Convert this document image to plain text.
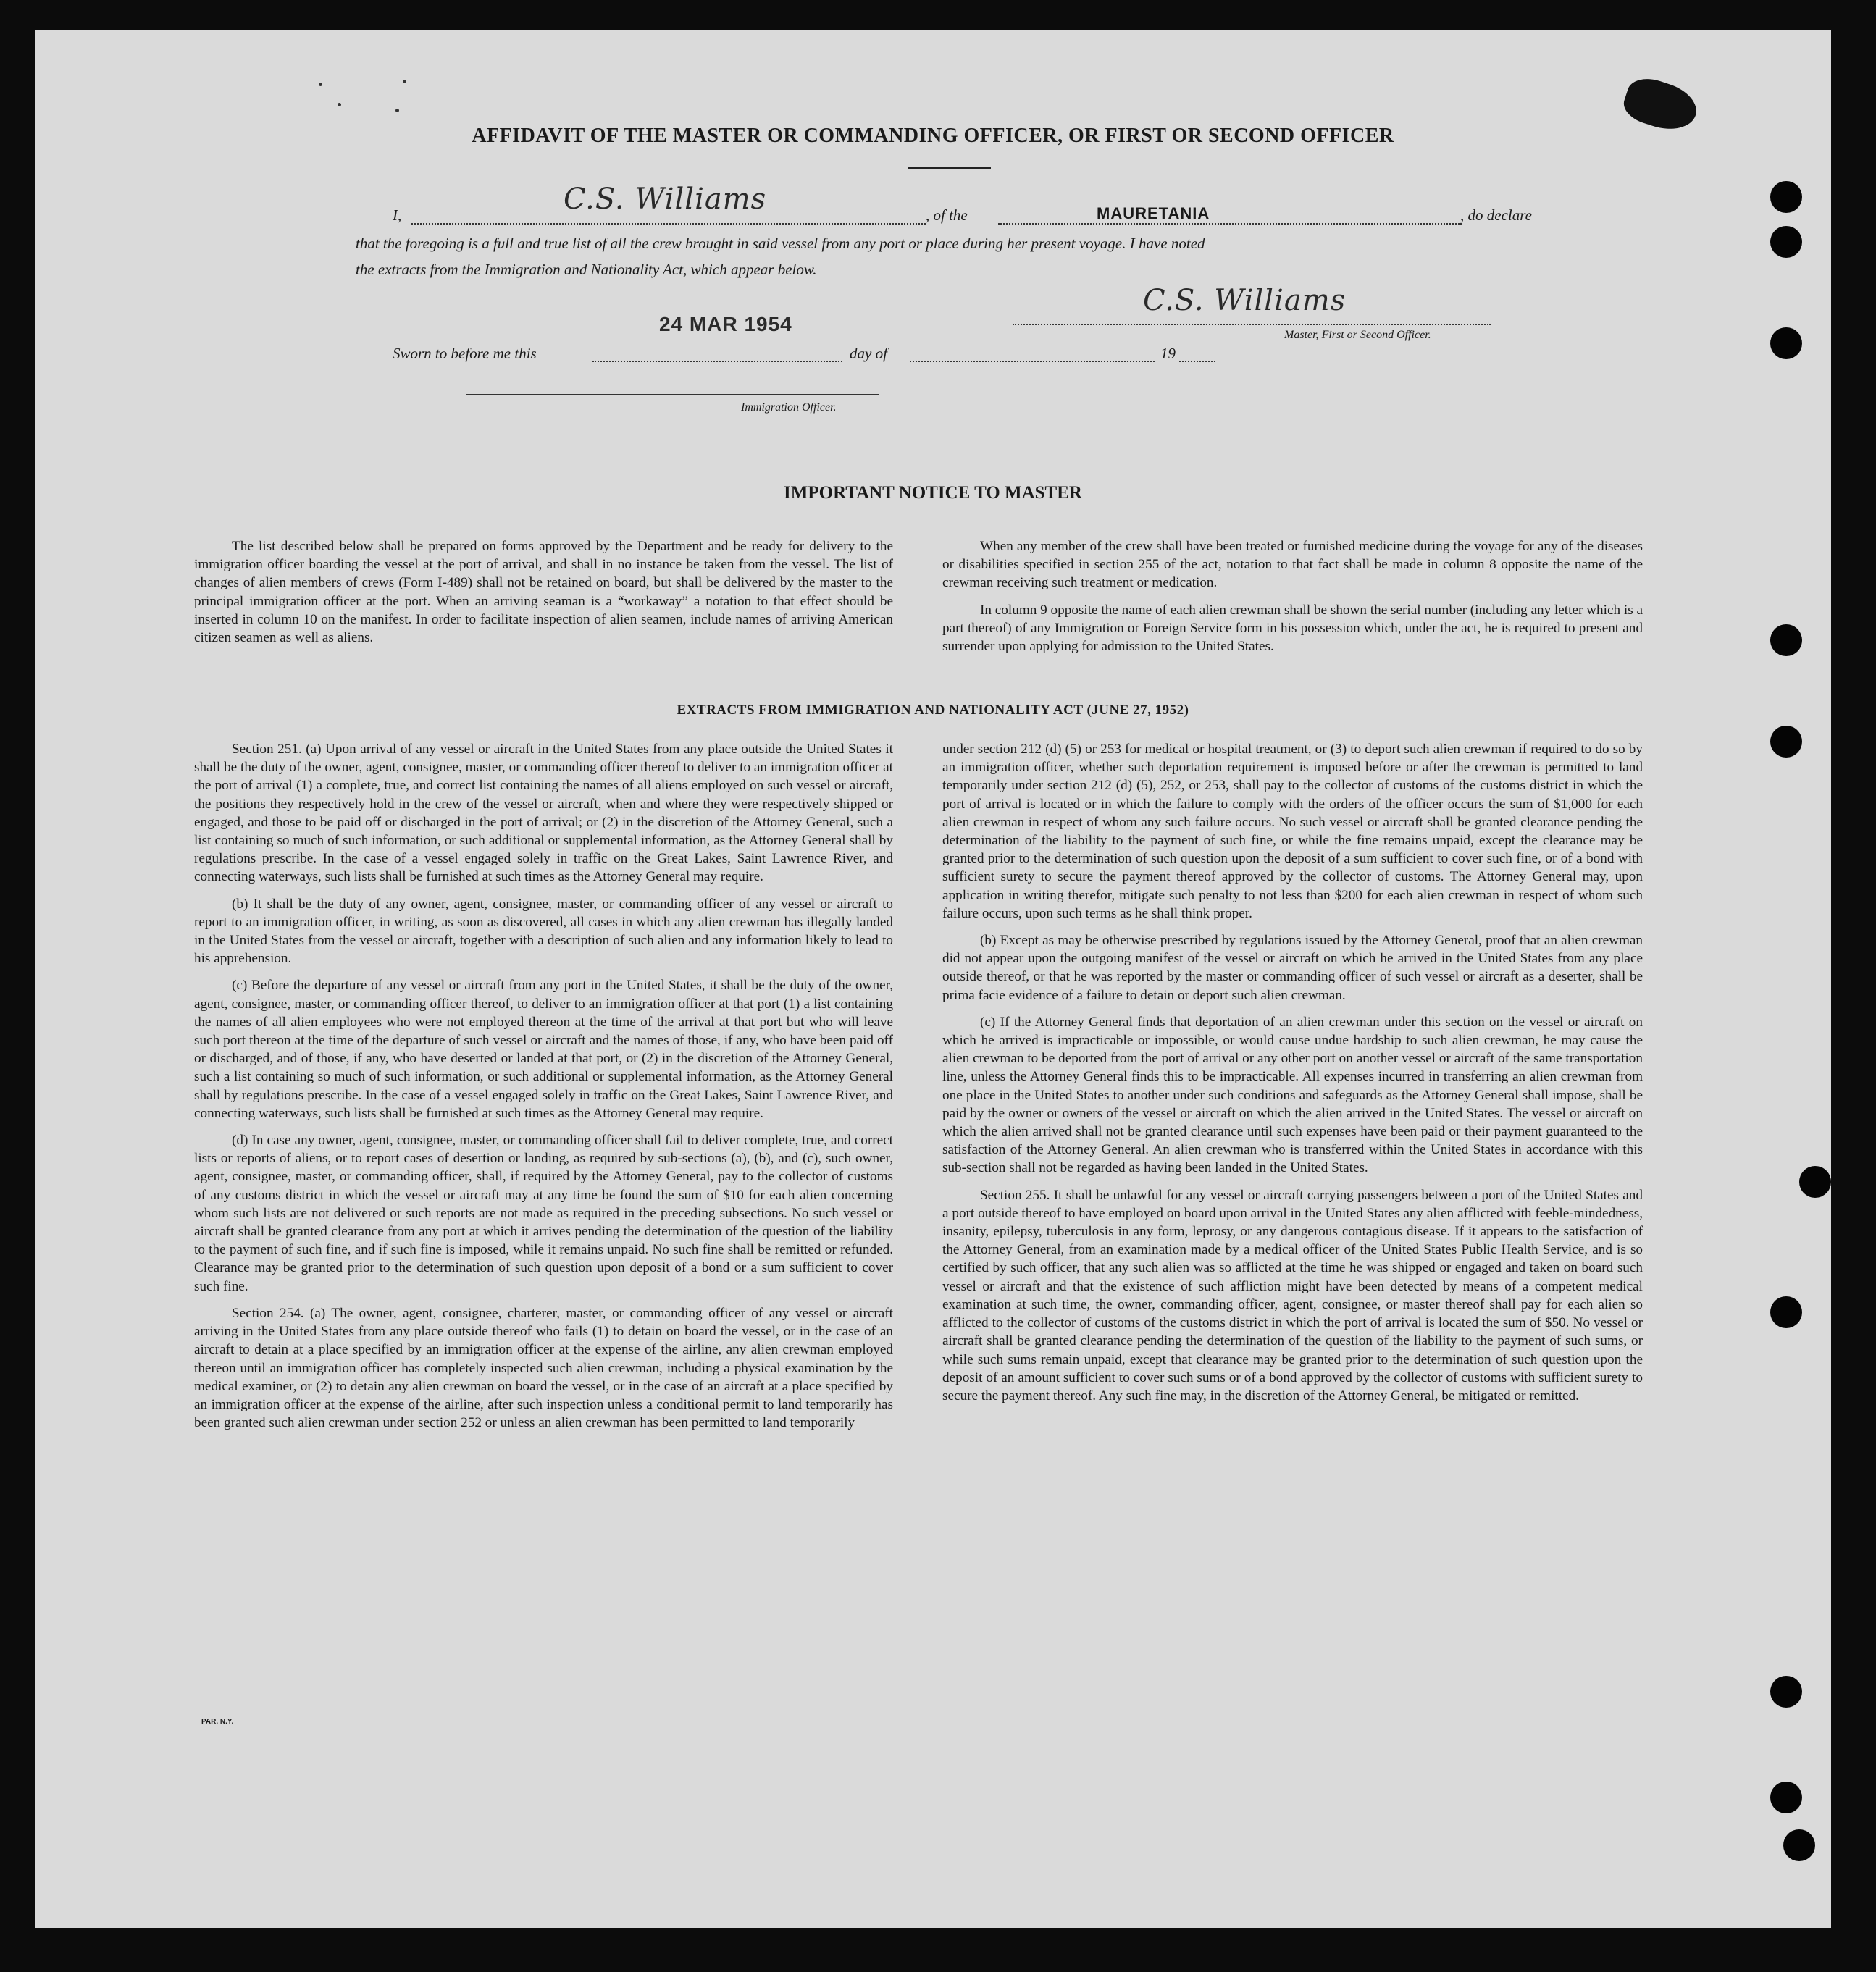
AFFIDAVIT OF THE MASTER OR COMMANDING OFFICER, OR FIRST OR SECOND OFFICER
I,	C.S. Williams	, of the	MAURETANIA	, do declare
that the foregoing is a full and true list of all the crew brought in said vessel from any port or place during her present voyage. I have noted
the extracts from the Immigration and Nationality Act, which appear below.
24 MAR 1954
C.S. Williams
Master, First or Second Officer.
Sworn to before me this	day of	19
Immigration Officer.
IMPORTANT NOTICE TO MASTER

The list described below shall be prepared on forms approved by the Department and be ready for delivery to the immigration officer boarding the vessel at the port of arrival, and shall in no instance be taken from the vessel. The list of changes of alien members of crews (Form I-489) shall not be retained on board, but shall be delivered by the master to the principal immigration officer at the port. When an arriving seaman is a “workaway” a notation to that effect should be inserted in column 10 on the manifest. In order to facilitate inspection of alien seamen, include names of arriving American citizen seamen as well as aliens.

When any member of the crew shall have been treated or furnished medicine during the voyage for any of the diseases or disabilities specified in section 255 of the act, notation to that fact shall be made in column 8 opposite the name of the crewman receiving such treatment or medication.

In column 9 opposite the name of each alien crewman shall be shown the serial number (including any letter which is a part thereof) of any Immigration or Foreign Service form in his possession which, under the act, he is required to present and surrender upon applying for admission to the United States.

EXTRACTS FROM IMMIGRATION AND NATIONALITY ACT (JUNE 27, 1952)

Section 251. (a) Upon arrival of any vessel or aircraft in the United States from any place outside the United States it shall be the duty of the owner, agent, consignee, master, or commanding officer thereof to deliver to an immigration officer at the port of arrival (1) a complete, true, and correct list containing the names of all aliens employed on such vessel or aircraft, the positions they respectively hold in the crew of the vessel or aircraft, when and where they were respectively shipped or engaged, and those to be paid off or discharged in the port of arrival; or (2) in the discretion of the Attorney General, such a list containing so much of such information, or such additional or supplemental information, as the Attorney General shall by regulations prescribe. In the case of a vessel engaged solely in traffic on the Great Lakes, Saint Lawrence River, and connecting waterways, such lists shall be furnished at such times as the Attorney General may require.

(b) It shall be the duty of any owner, agent, consignee, master, or commanding officer of any vessel or aircraft to report to an immigration officer, in writing, as soon as discovered, all cases in which any alien crewman has illegally landed in the United States from the vessel or aircraft, together with a description of such alien and any information likely to lead to his apprehension.

(c) Before the departure of any vessel or aircraft from any port in the United States, it shall be the duty of the owner, agent, consignee, master, or commanding officer thereof, to deliver to an immigration officer at that port (1) a list containing the names of all alien employees who were not employed thereon at the time of the arrival at that port but who will leave such port thereon at the time of the departure of such vessel or aircraft and the names of those, if any, who have been paid off or discharged, and of those, if any, who have deserted or landed at that port, or (2) in the discretion of the Attorney General, such a list containing so much of such information, or such additional or supplemental information, as the Attorney General shall by regulations prescribe. In the case of a vessel engaged solely in traffic on the Great Lakes, Saint Lawrence River, and connecting waterways, such lists shall be furnished at such times as the Attorney General may require.

(d) In case any owner, agent, consignee, master, or commanding officer shall fail to deliver complete, true, and correct lists or reports of aliens, or to report cases of desertion or landing, as required by sub-sections (a), (b), and (c), such owner, agent, consignee, master, or commanding officer, shall, if required by the Attorney General, pay to the collector of customs of any customs district in which the vessel or aircraft may at any time be found the sum of $10 for each alien concerning whom such lists are not delivered or such reports are not made as required in the preceding subsections. No such vessel or aircraft shall be granted clearance from any port at which it arrives pending the determination of the question of the liability to the payment of such fine, and if such fine is imposed, while it remains unpaid. No such fine shall be remitted or refunded. Clearance may be granted prior to the determination of such question upon deposit of a bond or a sum sufficient to cover such fine.

Section 254. (a) The owner, agent, consignee, charterer, master, or commanding officer of any vessel or aircraft arriving in the United States from any place outside thereof who fails (1) to detain on board the vessel, or in the case of an aircraft to detain at a place specified by an immigration officer at the expense of the airline, any alien crewman employed thereon until an immigration officer has completely inspected such alien crewman, including a physical examination by the medical examiner, or (2) to detain any alien crewman on board the vessel, or in the case of an aircraft at a place specified by an immigration officer at the expense of the airline, after such inspection unless a conditional permit to land temporarily has been granted such alien crewman under section 252 or unless an alien crewman has been permitted to land temporarily

under section 212 (d) (5) or 253 for medical or hospital treatment, or (3) to deport such alien crewman if required to do so by an immigration officer, whether such deportation requirement is imposed before or after the crewman is permitted to land temporarily under section 212 (d) (5), 252, or 253, shall pay to the collector of customs of the customs district in which the port of arrival is located or in which the failure to comply with the orders of the officer occurs the sum of $1,000 for each alien crewman in respect of whom any such failure occurs. No such vessel or aircraft shall be granted clearance pending the determination of the liability to the payment of such fine, or while the fine remains unpaid, except the clearance may be granted prior to the determination of such question upon the deposit of a sum sufficient to cover such fine, or of a bond with sufficient surety to secure the payment thereof approved by the collector of customs. The Attorney General may, upon application in writing therefor, mitigate such penalty to not less than $200 for each alien crewman in respect of whom such failure occurs, upon such terms as he shall think proper.

(b) Except as may be otherwise prescribed by regulations issued by the Attorney General, proof that an alien crewman did not appear upon the outgoing manifest of the vessel or aircraft on which he arrived in the United States from any place outside thereof, or that he was reported by the master or commanding officer of such vessel or aircraft as a deserter, shall be prima facie evidence of a failure to detain or deport such alien crewman.

(c) If the Attorney General finds that deportation of an alien crewman under this section on the vessel or aircraft on which he arrived is impracticable or impossible, or would cause undue hardship to such alien crewman, he may cause the alien crewman to be deported from the port of arrival or any other port on another vessel or aircraft of the same transportation line, unless the Attorney General finds this to be impracticable. All expenses incurred in transferring an alien crewman from one place in the United States to another under such conditions and safeguards as the Attorney General shall impose, shall be paid by the owner or owners of the vessel or aircraft on which the alien arrived in the United States. The vessel or aircraft on which the alien arrived shall not be granted clearance until such expenses have been paid or their payment guaranteed to the satisfaction of the Attorney General. An alien crewman who is transferred within the United States in accordance with this sub-section shall not be regarded as having been landed in the United States.

Section 255. It shall be unlawful for any vessel or aircraft carrying passengers between a port of the United States and a port outside thereof to have employed on board upon arrival in the United States any alien afflicted with feeble-mindedness, insanity, epilepsy, tuberculosis in any form, leprosy, or any dangerous contagious disease. If it appears to the satisfaction of the Attorney General, from an examination made by a medical officer of the United States Public Health Service, and is so certified by such officer, that any such alien was so afflicted at the time he was shipped or engaged and taken on board such vessel or aircraft and that the existence of such affliction might have been detected by means of a competent medical examination at such time, the owner, commanding officer, agent, consignee, or master thereof shall pay for each alien so afflicted to the collector of customs of the customs district in which the port of arrival is located the sum of $50. No vessel or aircraft shall be granted clearance pending the determination of the question of the liability to the payment of such sums, or while such sums remain unpaid, except that clearance may be granted prior to the determination of such question upon the deposit of an amount sufficient to cover such sums or of a bond approved by the collector of customs with sufficient surety to secure the payment thereof. Any such fine may, in the discretion of the Attorney General, be mitigated or remitted.

PAR. N.Y.
